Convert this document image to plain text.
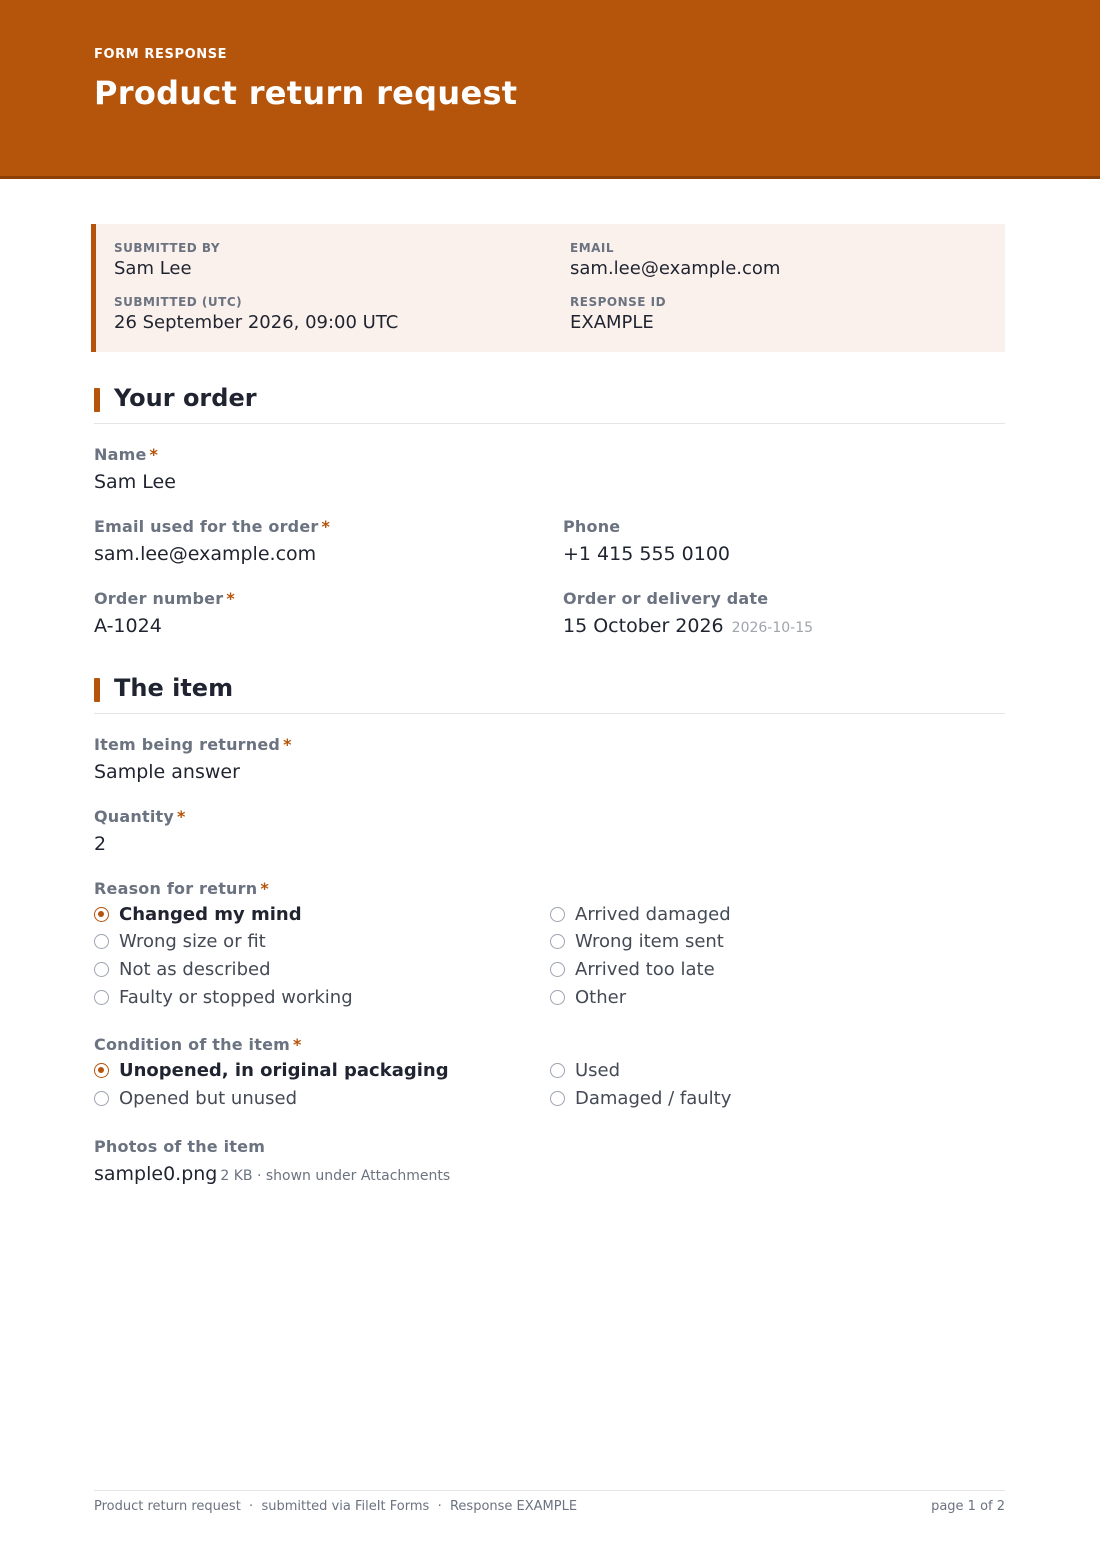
FORM RESPONSE
Product return request
SUBMITTED BY
Sam Lee
EMAIL
sam.lee@example.com
SUBMITTED (UTC)
26 September 2026, 09:00 UTC
RESPONSE ID
EXAMPLE
Your order
Name *
Sam Lee
Email used for the order *
sam.lee@example.com
Phone
+1 415 555 0100
Order number *
A-1024
Order or delivery date
15 October 2026 2026-10-15
The item
Item being returned *
Sample answer
Quantity *
2
Reason for return *
Changed my mind
Wrong size or fit
Not as described
Faulty or stopped working
Arrived damaged
Wrong item sent
Arrived too late
Other
Condition of the item *
Unopened, in original packaging
Opened but unused
Used
Damaged / faulty
Photos of the item
sample0.png 2 KB · shown under Attachments
Product return request  ·  submitted via FileIt Forms  ·  Response EXAMPLE	page 1 of 2
